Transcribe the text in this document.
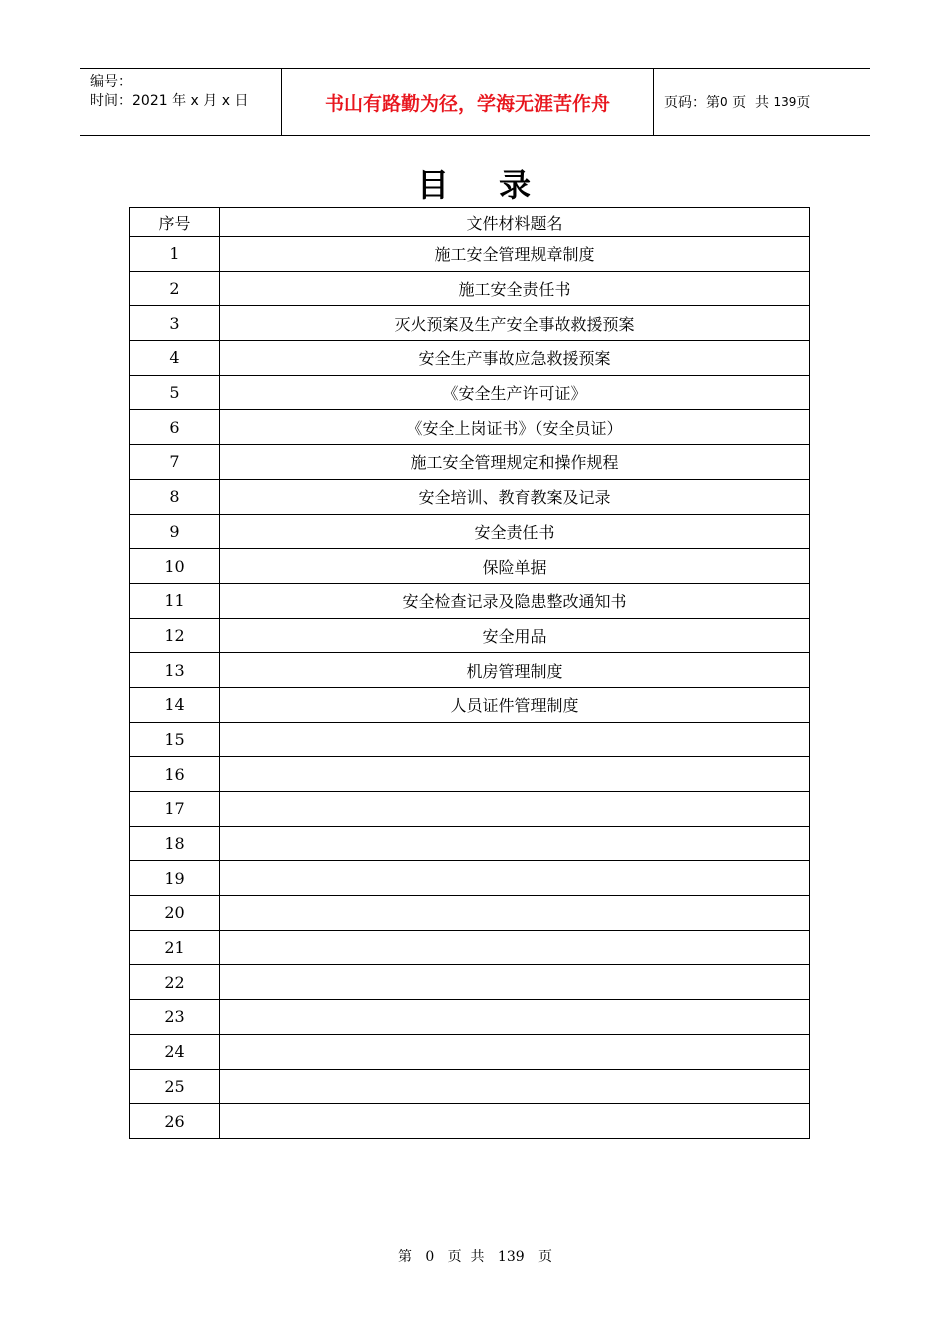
编号：
时间：2021 年 x 月 x 日	书山有路勤为径，学海无涯苦作舟	页码：第 0
页  共
139 页
目 录
序号	文件材料题名
1	施工安全管理规章制度
2	施工安全责任书
3	灭火预案及生产安全事故救援预案
4	安全生产事故应急救援预案
5	《安全生产许可证》
6	《安全上岗证书》（安全员证）
7	施工安全管理规定和操作规程
8	安全培训、教育教案及记录
9	安全责任书
10	保险单据
11	安全检查记录及隐患整改通知书
12	安全用品
13	机房管理制度
14	人员证件管理制度
15	
16	
17	
18	
19	
20	
21	
22	
23	
24	
25	
26	
第 0 页  共 139 页
